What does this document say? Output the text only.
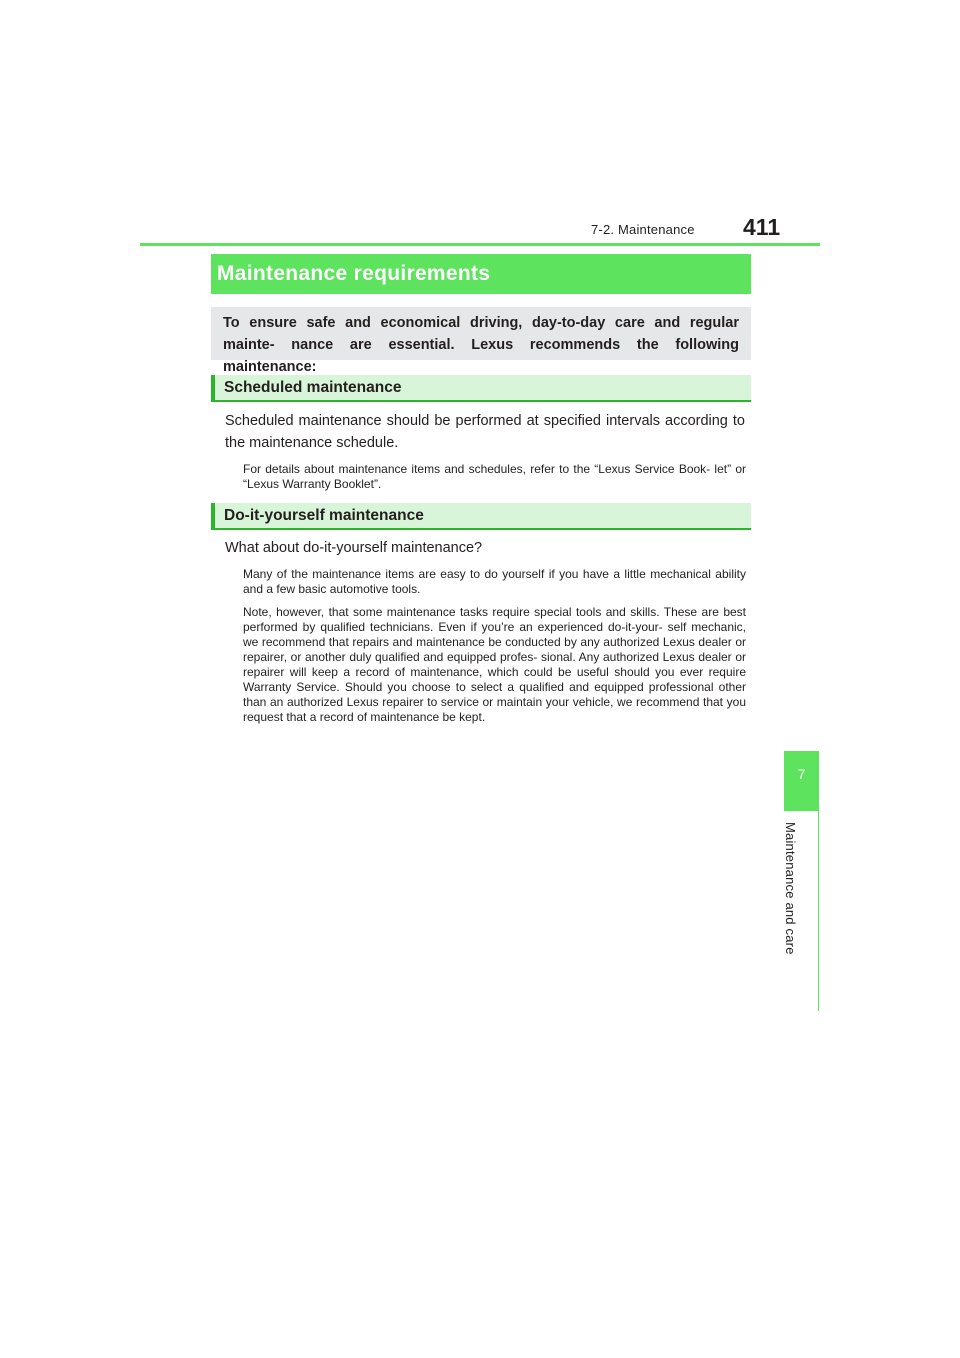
7-2. Maintenance 411
7
Maintenance and care
Maintenance requirements
To ensure safe and economical driving, day-to-day care and regular mainte- nance are essential. Lexus recommends the following maintenance:
Scheduled maintenance
Scheduled maintenance should be performed at specified intervals according to the maintenance schedule.
For details about maintenance items and schedules, refer to the “Lexus Service Book- let” or “Lexus Warranty Booklet”.
Do-it-yourself maintenance
What about do-it-yourself maintenance?
Many of the maintenance items are easy to do yourself if you have a little mechanical ability and a few basic automotive tools.
Note, however, that some maintenance tasks require special tools and skills. These are best performed by qualified technicians. Even if you’re an experienced do-it-your- self mechanic, we recommend that repairs and maintenance be conducted by any authorized Lexus dealer or repairer, or another duly qualified and equipped profes- sional. Any authorized Lexus dealer or repairer will keep a record of maintenance, which could be useful should you ever require Warranty Service. Should you choose to select a qualified and equipped professional other than an authorized Lexus repairer to service or maintain your vehicle, we recommend that you request that a record of maintenance be kept.
